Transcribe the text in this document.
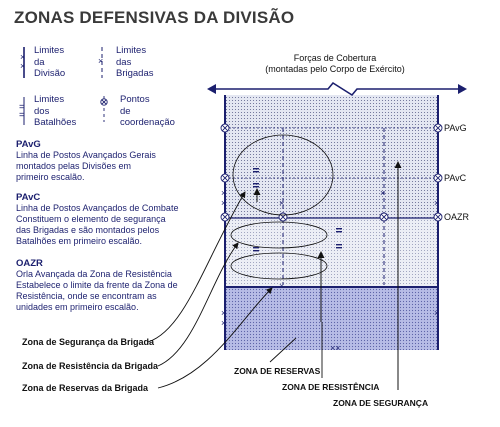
×
×	×
=
=
×
×	×
×
×
×
×
×
×
××
ZONAS DEFENSIVAS DA DIVISÃO
Limites
da
Divisão
Limites
das
Brigadas
Limites
dos
Batalhões
Pontos
de
coordenação
PAvG
Linha de Postos Avançados Gerais
montados pelas Divisões em
primeiro escalão.
PAvC
Linha de Postos Avançados de Combate
Constituem o elemento de segurança
das Brigadas e são montados pelos
Batalhões em primeiro escalão.
OAZR
Orla Avançada da Zona de Resistência
Estabelece o limite da frente da Zona de
Resistência, onde se encontram as
unidades em primeiro escalão.
Forças de Cobertura
(montadas pelo Corpo de Exército)
PAvG
PAvC
OAZR
Zona de Segurança da Brigada
Zona de Resistência da Brigada
Zona de Reservas da Brigada
ZONA DE RESERVAS
ZONA DE RESISTÊNCIA
ZONA DE SEGURANÇA
